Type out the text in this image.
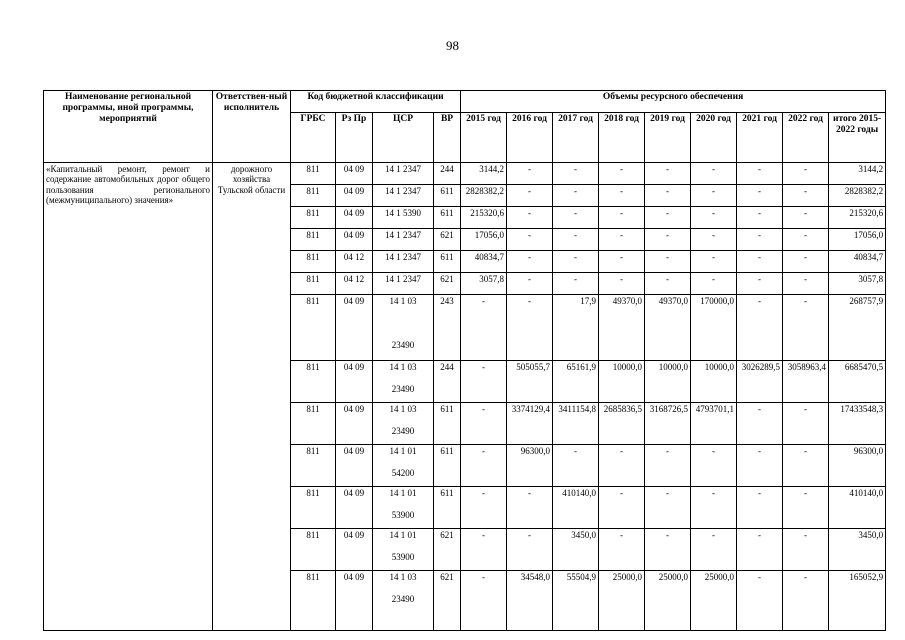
98
Наименование региональной программы, иной программы, мероприятий	Ответствен-ный исполнитель	Код бюджетной классификации				Объемы ресурсного обеспечения								
		ГРБС	Рз Пр	ЦСР	ВР	2015 год	2016 год	2017 год	2018 год	2019 год	2020 год	2021 год	2022 год	итого 2015-2022 годы
«Капитальный ремонт, ремонт и содержание автомобильных дорог общего пользования регионального (межмуниципального) значения»	дорожного хозяйства Тульской области	811	04 09	14 1 2347	244	3144,2	-	-	-	-	-	-	-	3144,2
		811	04 09	14 1 2347	611	2828382,2	-	-	-	-	-	-	-	2828382,2
		811	04 09	14 1 5390	611	215320,6	-	-	-	-	-	-	-	215320,6
		811	04 09	14 1 2347	621	17056,0	-	-	-	-	-	-	-	17056,0
		811	04 12	14 1 2347	611	40834,7	-	-	-	-	-	-	-	40834,7
		811	04 12	14 1 2347	621	3057,8	-	-	-	-	-	-	-	3057,8
		811	04 09	14 1 03	243	-	-	17,9	49370,0	49370,0	170000,0	-	-	268757,9

				23490										
		811	04 09	14 1 03	244	-	505055,7	65161,9	10000,0	10000,0	10000,0	3026289,5	3058963,4	6685470,5
				23490										
		811	04 09	14 1 03	611	-	3374129,4	3411154,8	2685836,5	3168726,5	4793701,1	-	-	17433548,3
				23490										
		811	04 09	14 1 01	611	-	96300,0	-	-	-	-	-	-	96300,0
				54200										
		811	04 09	14 1 01	611	-	-	410140,0	-	-	-	-	-	410140,0
				53900										
		811	04 09	14 1 01	621	-	-	3450,0	-	-	-	-	-	3450,0
				53900										
		811	04 09	14 1 03	621	-	34548,0	55504,9	25000,0	25000,0	25000,0	-	-	165052,9
				23490										
